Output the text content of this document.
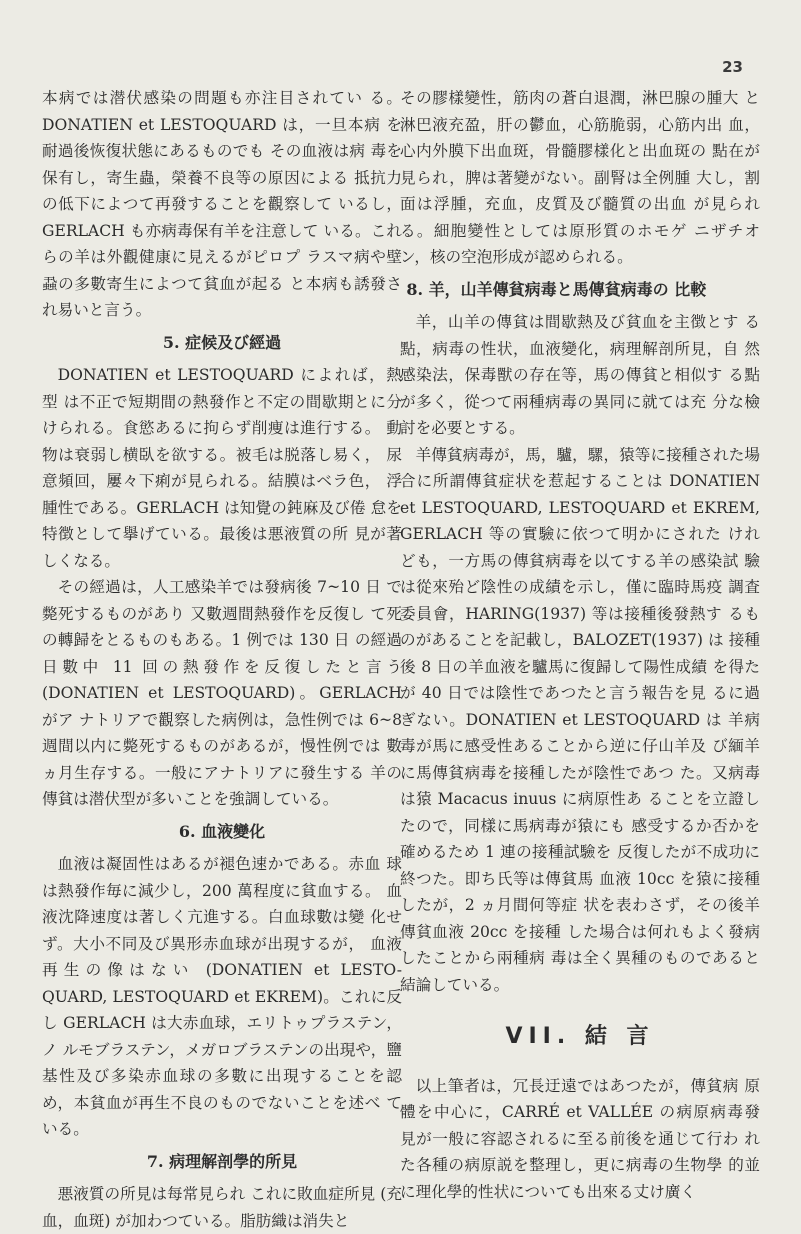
23

本病では潜伏感染の問題も亦注目されてい る。DONATIEN et LESTOQUARD は，一旦本病 を耐過後恢復状態にあるものでも その血液は病 毒を保有し，寄生蟲，榮養不良等の原因による 抵抗力の低下によつて再發することを觀察して いるし，GERLACH も亦病毒保有羊を注意して いる。これらの羊は外觀健康に見えるがピロプ ラスマ病や壁蝨の多數寄生によつて貧血が起る と本病も誘發され易いと言う。

5. 症候及び經過

DONATIEN et LESTOQUARD によれば，熱型 は不正で短期間の熱發作と不定の間歇期とに分 けられる。食慾あるに拘らず削痩は進行する。 動物は衰弱し横臥を欲する。被毛は脱落し易く， 尿意頻回，屢々下痢が見られる。結膜はベラ色， 浮腫性である。GERLACH は知覺の鈍麻及び倦 怠を特徴として擧げている。最後は悪液質の所 見が著しくなる。

その經過は，人工感染羊では發病後 7~10 日 で斃死するものがあり 又數週間熱發作を反復し て死の轉歸をとるものもある。1 例では 130 日 の經過日數中 11 回の熱發作を反復したと言う (DONATIEN et LESTOQUARD)。GERLACH がア ナトリアで觀察した病例は，急性例では 6~8 週間以内に斃死するものがあるが，慢性例では 數ヵ月生存する。一般にアナトリアに發生する 羊の傳貧は潜伏型が多いことを強調している。

6. 血液變化

血液は凝固性はあるが褪色速かである。赤血 球は熱發作毎に減少し，200 萬程度に貧血する。 血液沈降速度は著しく亢進する。白血球數は變 化せず。大小不同及び異形赤血球が出現するが， 血液再生の像はない (DONATIEN et LESTO- QUARD, LESTOQUARD et EKREM)。これに反し GERLACH は大赤血球，エリトゥプラステン，ノ ルモブラステン，メガロブラステンの出現や，鹽 基性及び多染赤血球の多數に出現することを認 め，本貧血が再生不良のものでないことを述べ ている。

7. 病理解剖學的所見

悪液質の所見は每常見られ これに敗血症所見 (充血，血斑) が加わつている。脂肪織は消失と

その膠樣變性，筋肉の蒼白退潤，淋巴腺の腫大 と淋巴液充盈，肝の鬱血，心筋脆弱，心筋内出 血，心内外膜下出血斑，骨髓膠樣化と出血斑の 點在が見られ，脾は著變がない。副腎は全例腫 大し，割面は浮腫，充血，皮質及び髓質の出血 が見られる。細胞變性としては原形質のホモゲ ニザチオン，核の空泡形成が認められる。

8. 羊，山羊傳貧病毒と馬傳貧病毒の 比較

羊，山羊の傳貧は間歇熱及び貧血を主徴とす る點，病毒の性状，血液變化，病理解剖所見，自 然感染法，保毒獸の存在等，馬の傳貧と相似す る點が多く，從つて兩種病毒の異同に就ては充 分な檢討を必要とする。

羊傳貧病毒が，馬，驢，騾，猿等に接種された場 合に所謂傳貧症状を惹起することは DONATIEN et LESTOQUARD, LESTOQUARD et EKREM, GERLACH 等の實驗に依つて明かにされた けれ ども，一方馬の傳貧病毒を以てする羊の感染試 驗は從來殆ど陰性の成績を示し，僅に臨時馬疫 調査委員會，HARING(1937) 等は接種後發熱す るものがあることを記載し，BALOZET(1937) は 接種後 8 日の羊血液を驢馬に復歸して陽性成績 を得たが 40 日では陰性であつたと言う報告を見 るに過ぎない。DONATIEN et LESTOQUARD は 羊病毒が馬に感受性あることから逆に仔山羊及 び緬羊に馬傳貧病毒を接種したが陰性であつ た。又病毒は猿 Macacus inuus に病原性あ ることを立證したので，同樣に馬病毒が猿にも 感受するか否かを確めるため 1 連の接種試驗を 反復したが不成功に終つた。即ち氏等は傳貧馬 血液 10cc を猿に接種したが，2 ヵ月間何等症 状を表わさず，その後羊傳貧血液 20cc を接種 した場合は何れもよく發病したことから兩種病 毒は全く異種のものであると結論している。

VII. 結 言

以上筆者は，冗長迂遠ではあつたが，傳貧病 原體を中心に，CARRÉ et VALLÉE の病原病毒發 見が一般に容認されるに至る前後を通じて行わ れた各種の病原説を整理し，更に病毒の生物學 的並に理化學的性状についても出來る丈け廣く
